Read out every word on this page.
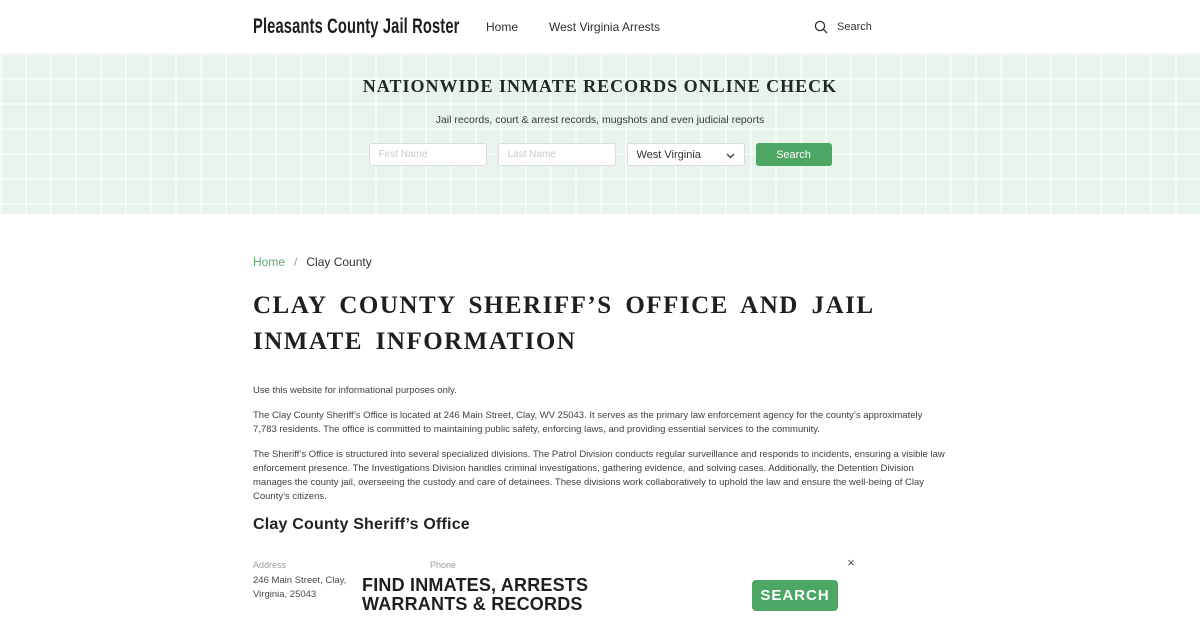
Pleasants County Jail Roster Home	West Virginia Arrests	Search
NATIONWIDE INMATE RECORDS ONLINE CHECK
Jail records, court & arrest records, mugshots and even judicial reports
First Name
Last Name
West Virginia	Search
Home / Clay County
CLAY COUNTY SHERIFF’S OFFICE AND JAIL INMATE INFORMATION

Use this website for informational purposes only.

The Clay County Sheriff’s Office is located at 246 Main Street, Clay, WV 25043. It serves as the primary law enforcement agency for the county’s approximately 7,783 residents. The office is committed to maintaining public safety, enforcing laws, and providing essential services to the community.

The Sheriff’s Office is structured into several specialized divisions. The Patrol Division conducts regular surveillance and responds to incidents, ensuring a visible law enforcement presence. The Investigations Division handles criminal investigations, gathering evidence, and solving cases. Additionally, the Detention Division manages the county jail, overseeing the custody and care of detainees. These divisions work collaboratively to uphold the law and ensure the well-being of Clay County’s citizens.

Clay County Sheriff’s Office
Address
246 Main Street, Clay, Virginia, 25043
Phone	×
FIND INMATES, ARRESTS
WARRANTS & RECORDS	SEARCH
